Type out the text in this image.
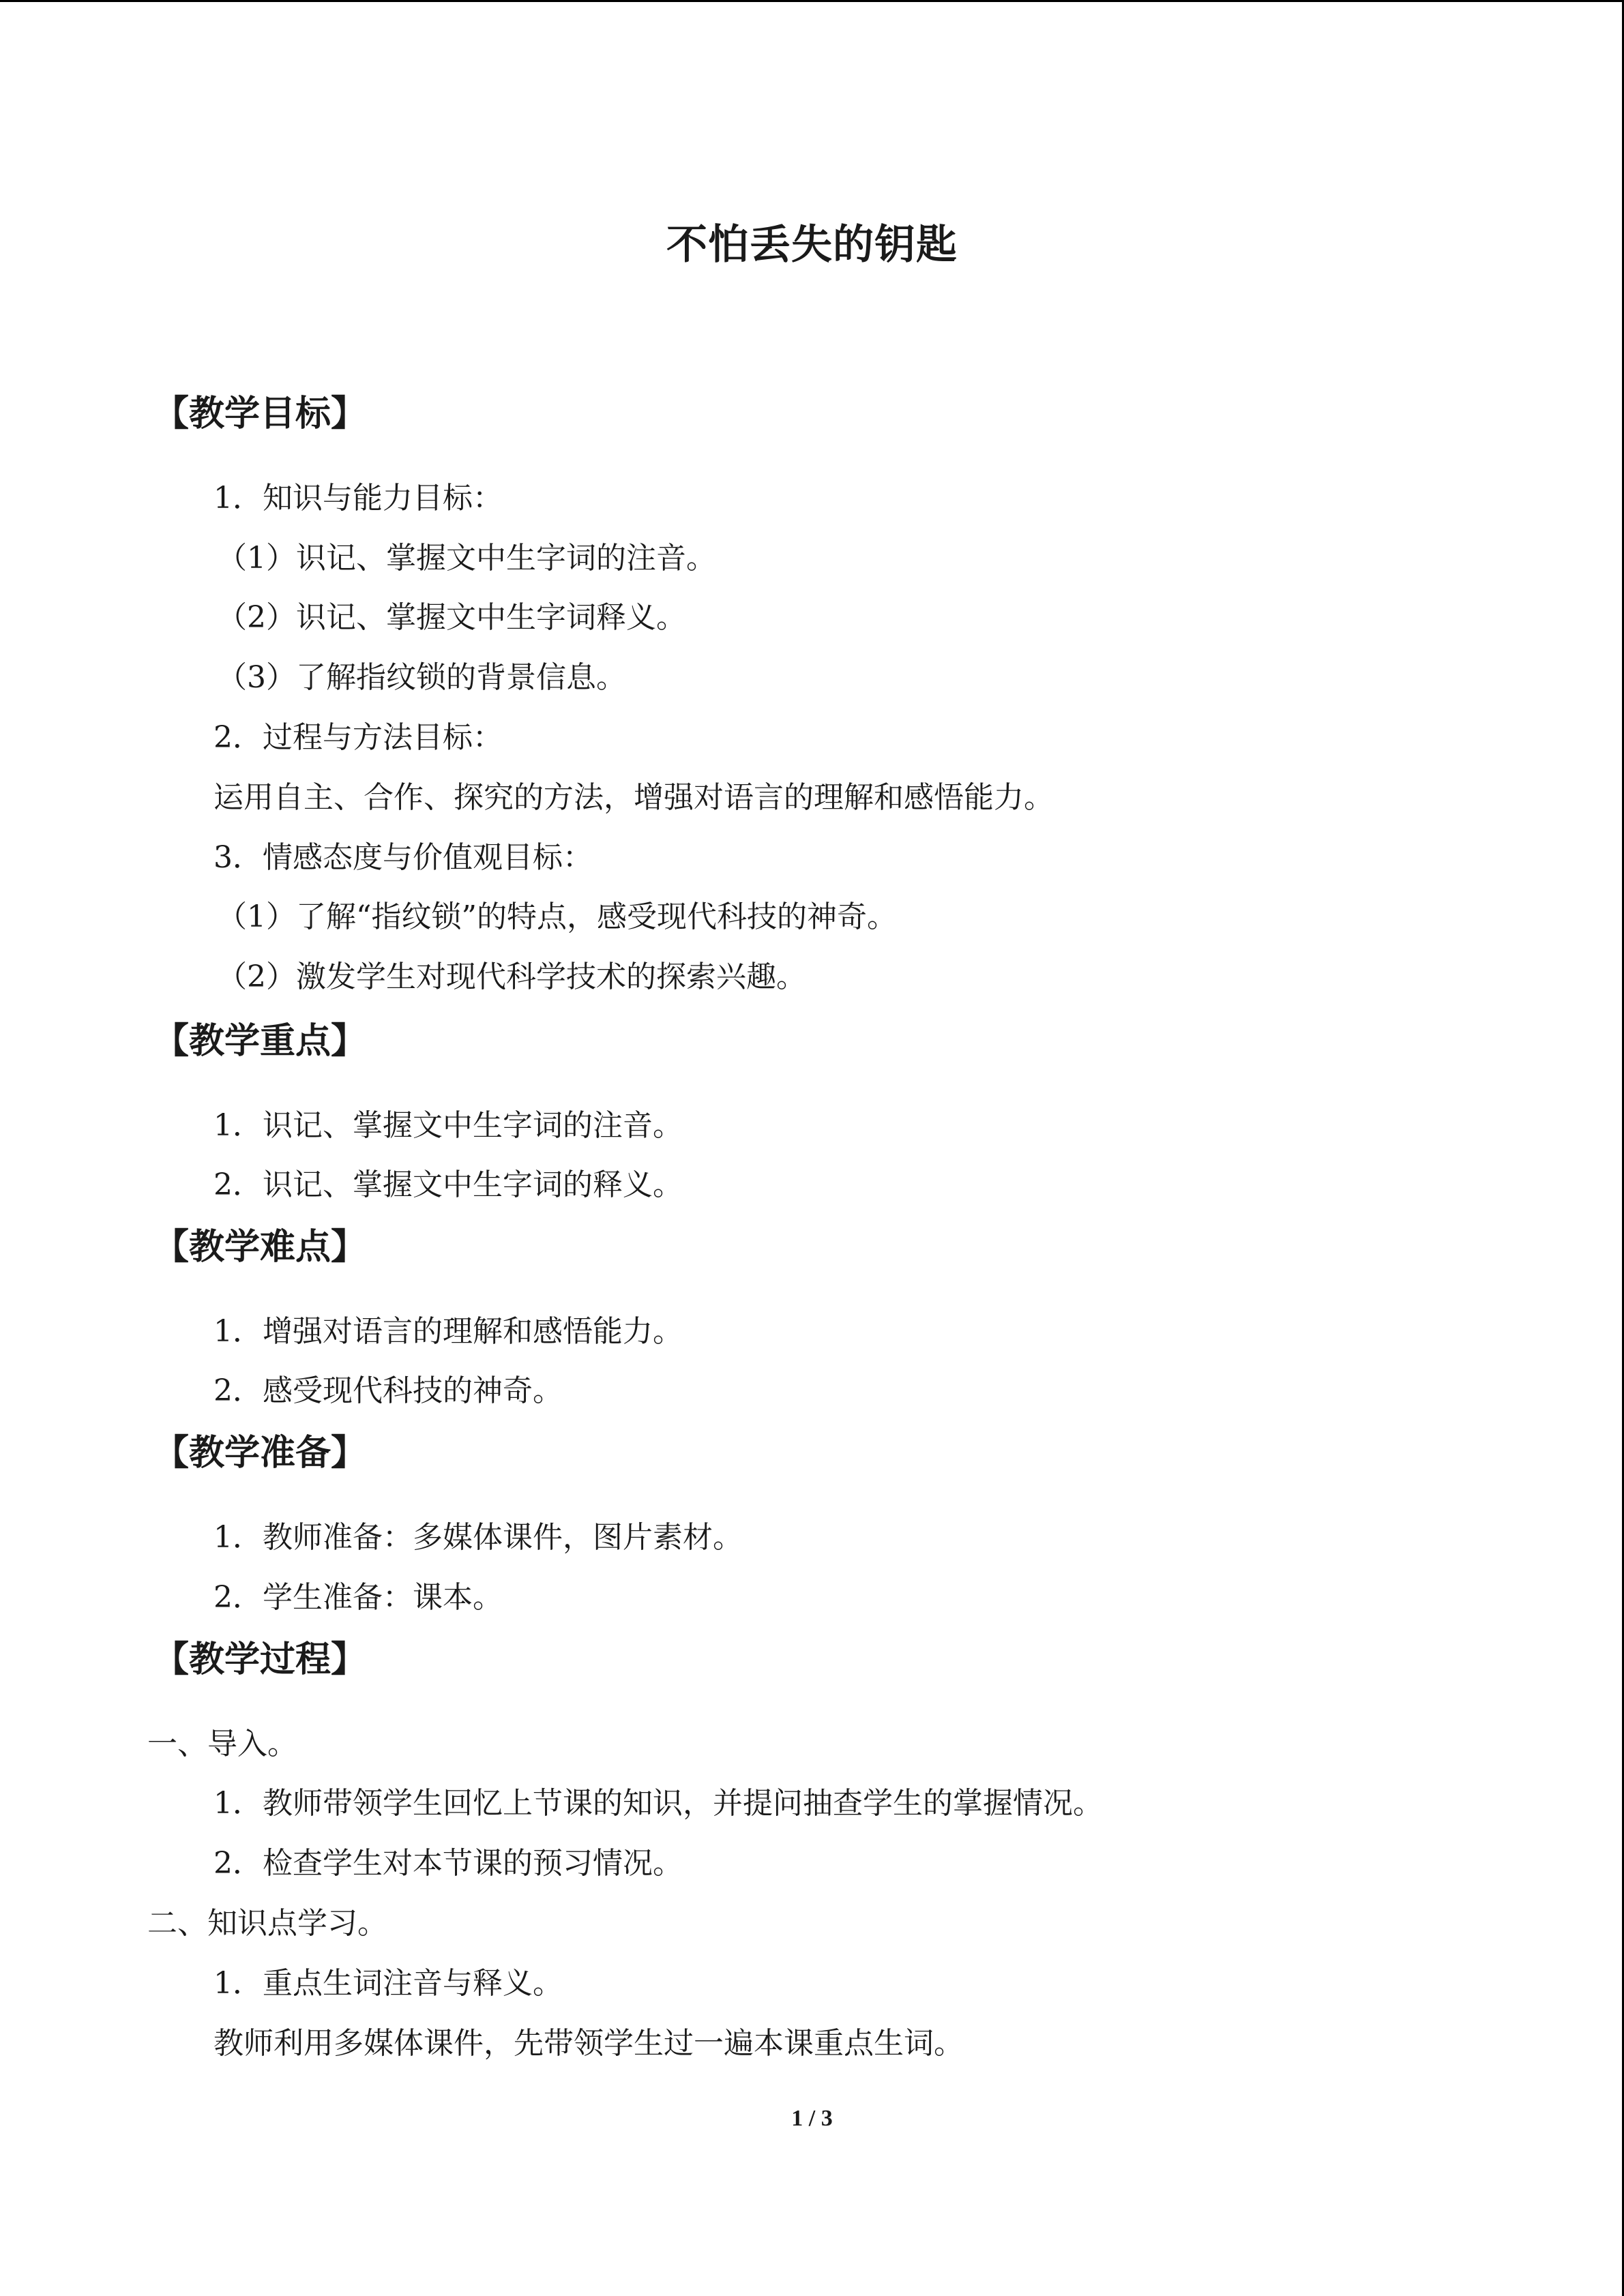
不怕丢失的钥匙
【教学目标】
1．知识与能力目标：
（1）识记、掌握文中生字词的注音。
（2）识记、掌握文中生字词释义。
（3）了解指纹锁的背景信息。
2．过程与方法目标：
运用自主、合作、探究的方法，增强对语言的理解和感悟能力。
3．情感态度与价值观目标：
（1）了解“指纹锁”的特点，感受现代科技的神奇。
（2）激发学生对现代科学技术的探索兴趣。
【教学重点】
1．识记、掌握文中生字词的注音。
2．识记、掌握文中生字词的释义。
【教学难点】
1．增强对语言的理解和感悟能力。
2．感受现代科技的神奇。
【教学准备】
1．教师准备：多媒体课件，图片素材。
2．学生准备：课本。
【教学过程】
一、导入。
1．教师带领学生回忆上节课的知识，并提问抽查学生的掌握情况。
2．检查学生对本节课的预习情况。
二、知识点学习。
1．重点生词注音与释义。
教师利用多媒体课件，先带领学生过一遍本课重点生词。
1 / 3
